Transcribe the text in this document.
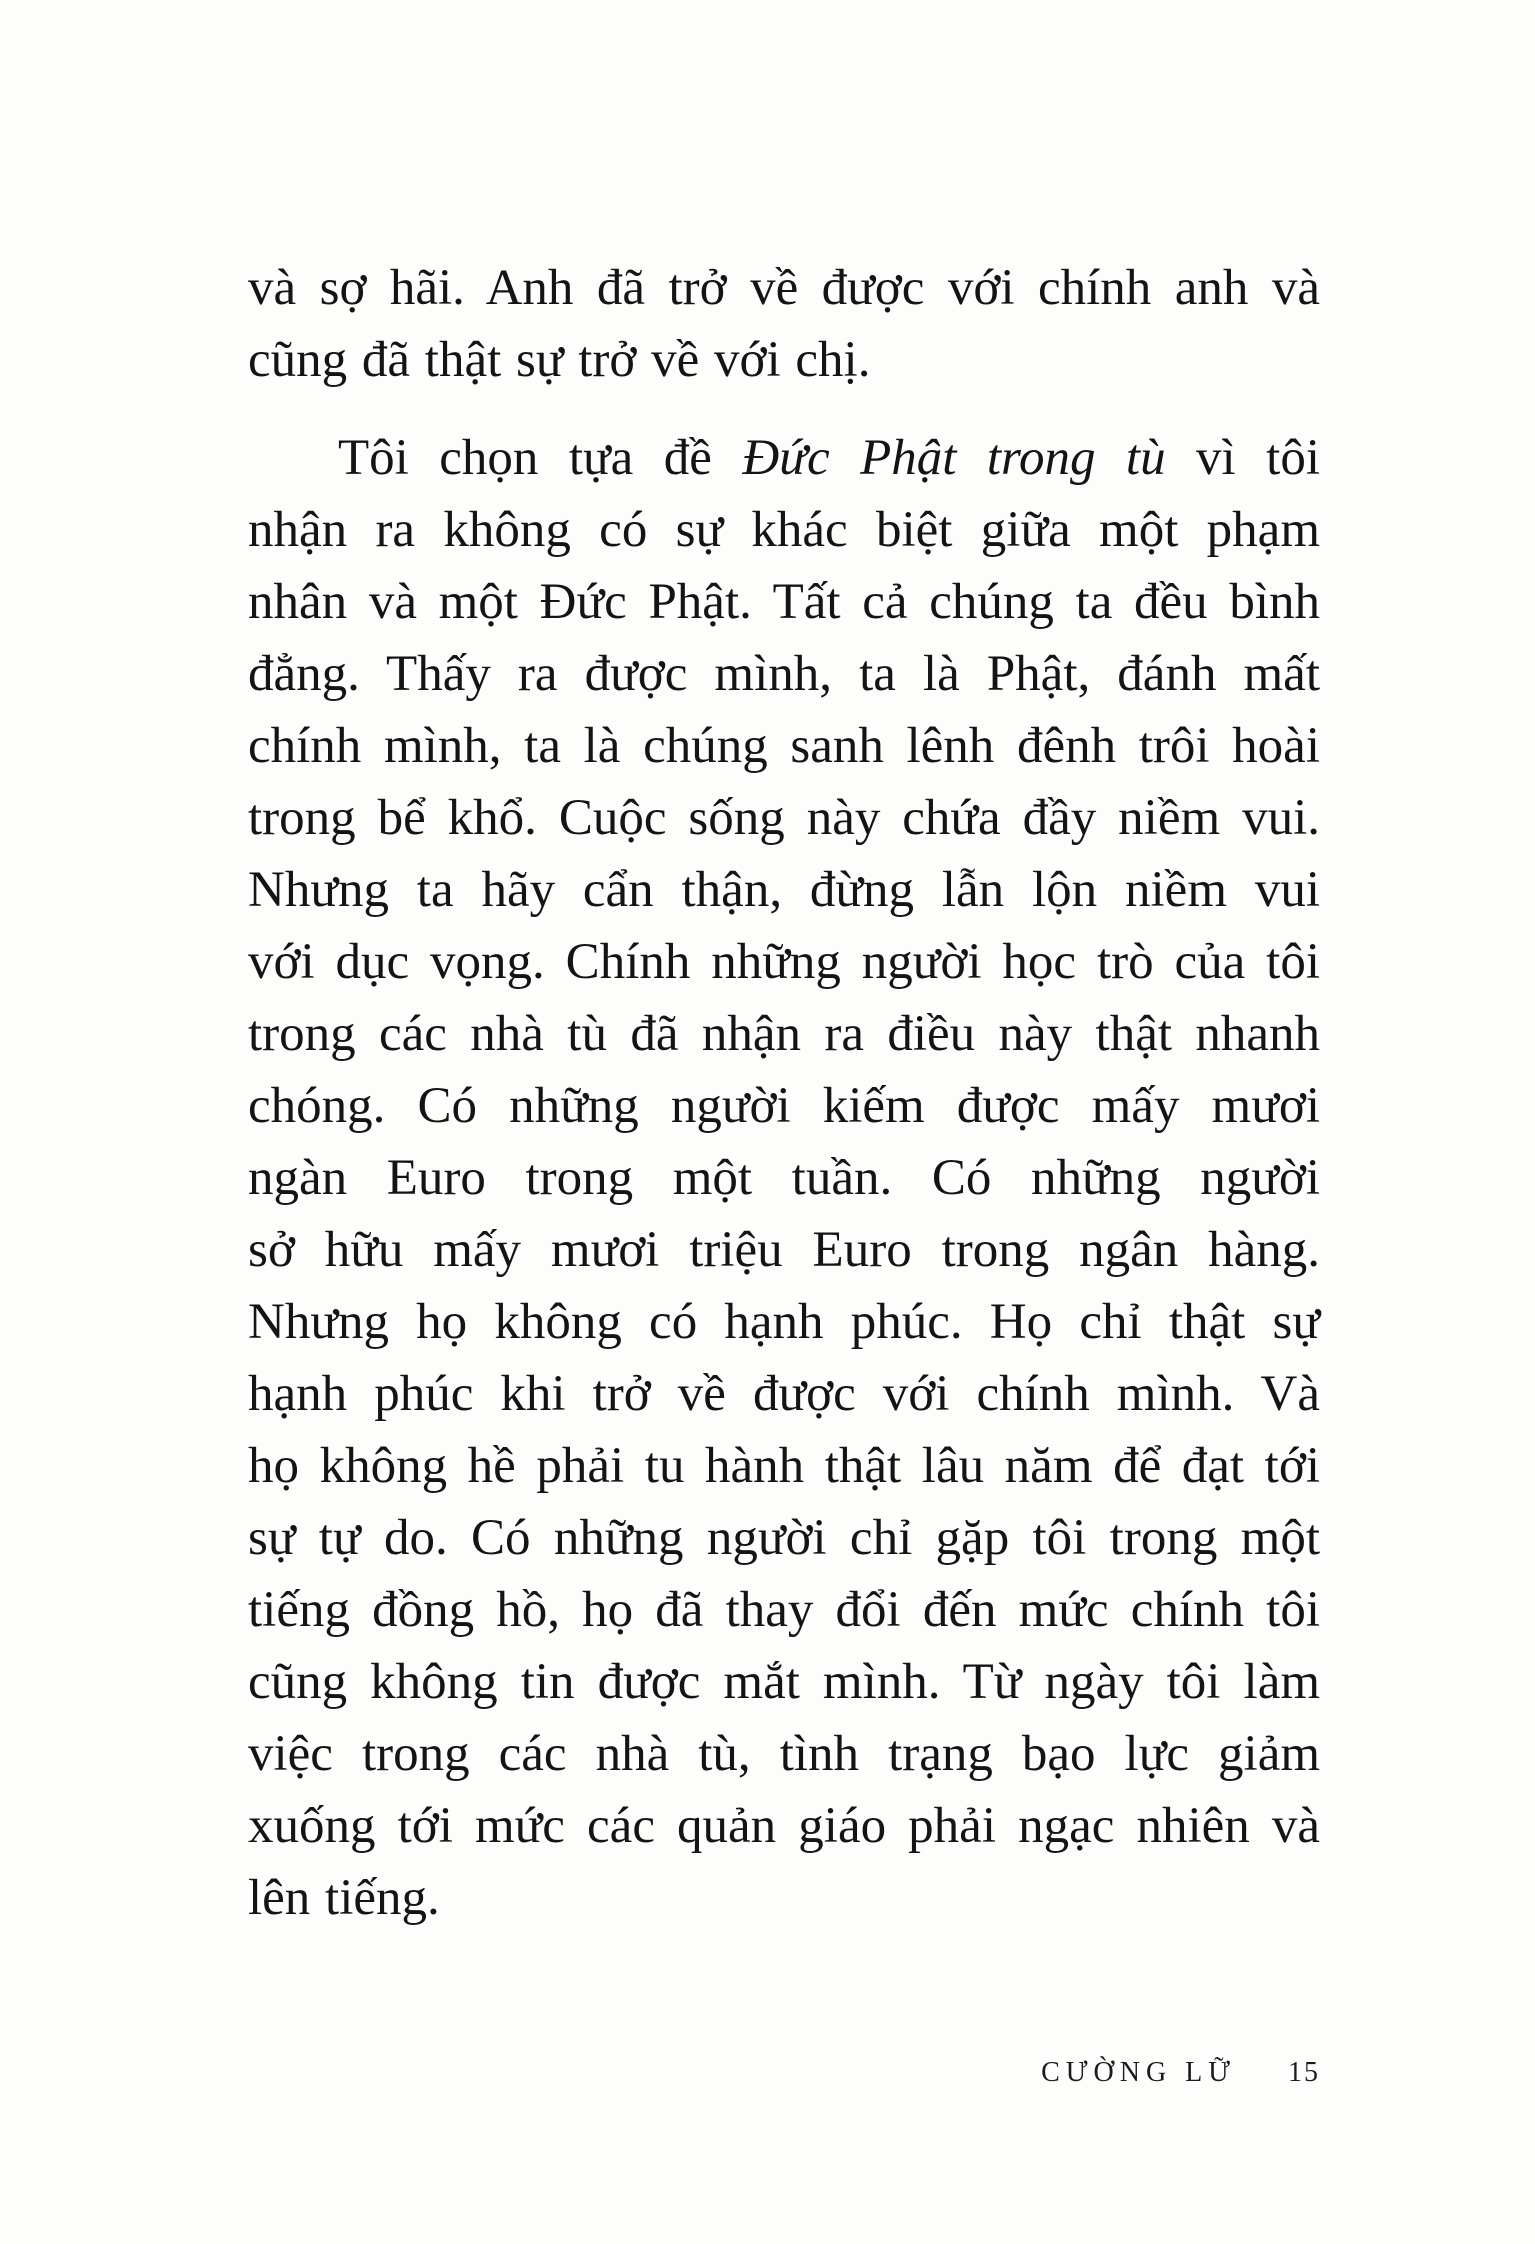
và sợ hãi. Anh đã trở về được với chính anh và
cũng đã thật sự trở về với chị.
Tôi chọn tựa đề Đức Phật trong tù vì tôi
nhận ra không có sự khác biệt giữa một phạm
nhân và một Đức Phật. Tất cả chúng ta đều bình
đẳng. Thấy ra được mình, ta là Phật, đánh mất
chính mình, ta là chúng sanh lênh đênh trôi hoài
trong bể khổ. Cuộc sống này chứa đầy niềm vui.
Nhưng ta hãy cẩn thận, đừng lẫn lộn niềm vui
với dục vọng. Chính những người học trò của tôi
trong các nhà tù đã nhận ra điều này thật nhanh
chóng. Có những người kiếm được mấy mươi
ngàn Euro trong một tuần. Có những người
sở hữu mấy mươi triệu Euro trong ngân hàng.
Nhưng họ không có hạnh phúc. Họ chỉ thật sự
hạnh phúc khi trở về được với chính mình. Và
họ không hề phải tu hành thật lâu năm để đạt tới
sự tự do. Có những người chỉ gặp tôi trong một
tiếng đồng hồ, họ đã thay đổi đến mức chính tôi
cũng không tin được mắt mình. Từ ngày tôi làm
việc trong các nhà tù, tình trạng bạo lực giảm
xuống tới mức các quản giáo phải ngạc nhiên và
lên tiếng.
CƯỜNG LỮ 15
